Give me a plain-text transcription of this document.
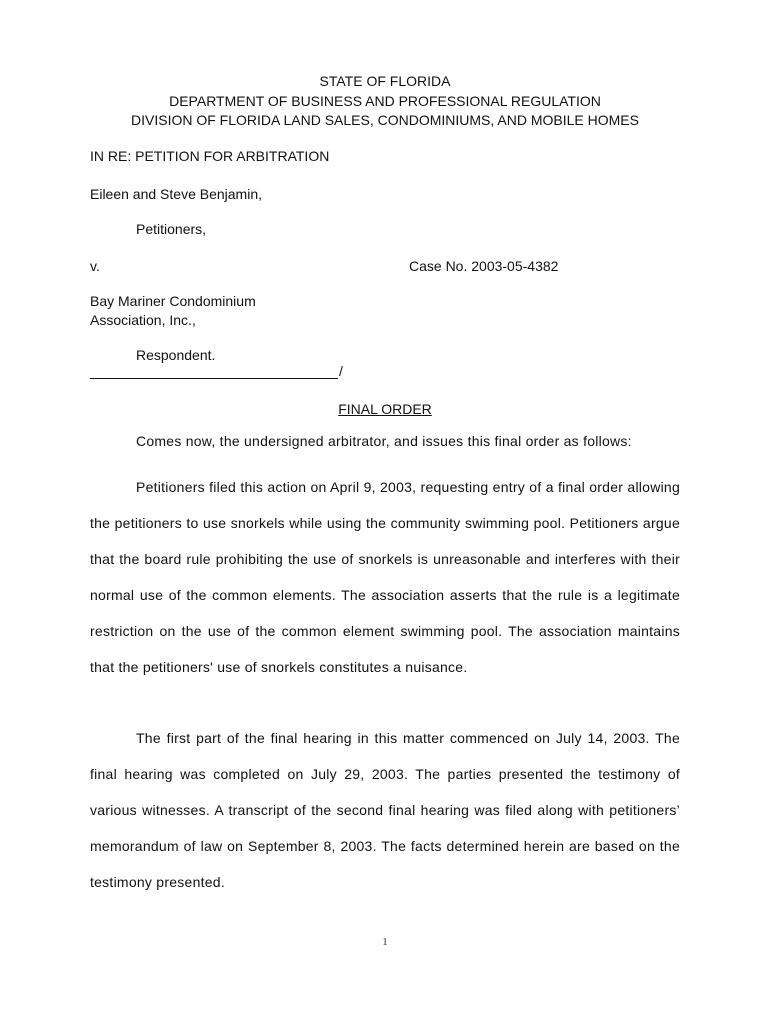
STATE OF FLORIDA
DEPARTMENT OF BUSINESS AND PROFESSIONAL REGULATION
DIVISION OF FLORIDA LAND SALES, CONDOMINIUMS, AND MOBILE HOMES
IN RE: PETITION FOR ARBITRATION
Eileen and Steve Benjamin,
Petitioners,
v.	Case No. 2003-05-4382
Bay Mariner Condominium
Association, Inc.,
Respondent.
/
FINAL ORDER
Comes now, the undersigned arbitrator, and issues this final order as follows:
Petitioners filed this action on April 9, 2003, requesting entry of a final order allowing the petitioners to use snorkels while using the community swimming pool. Petitioners argue that the board rule prohibiting the use of snorkels is unreasonable and interferes with their normal use of the common elements. The association asserts that the rule is a legitimate restriction on the use of the common element swimming pool. The association maintains that the petitioners' use of snorkels constitutes a nuisance.
The first part of the final hearing in this matter commenced on July 14, 2003. The final hearing was completed on July 29, 2003. The parties presented the testimony of various witnesses. A transcript of the second final hearing was filed along with petitioners’ memorandum of law on September 8, 2003. The facts determined herein are based on the testimony presented.
1
